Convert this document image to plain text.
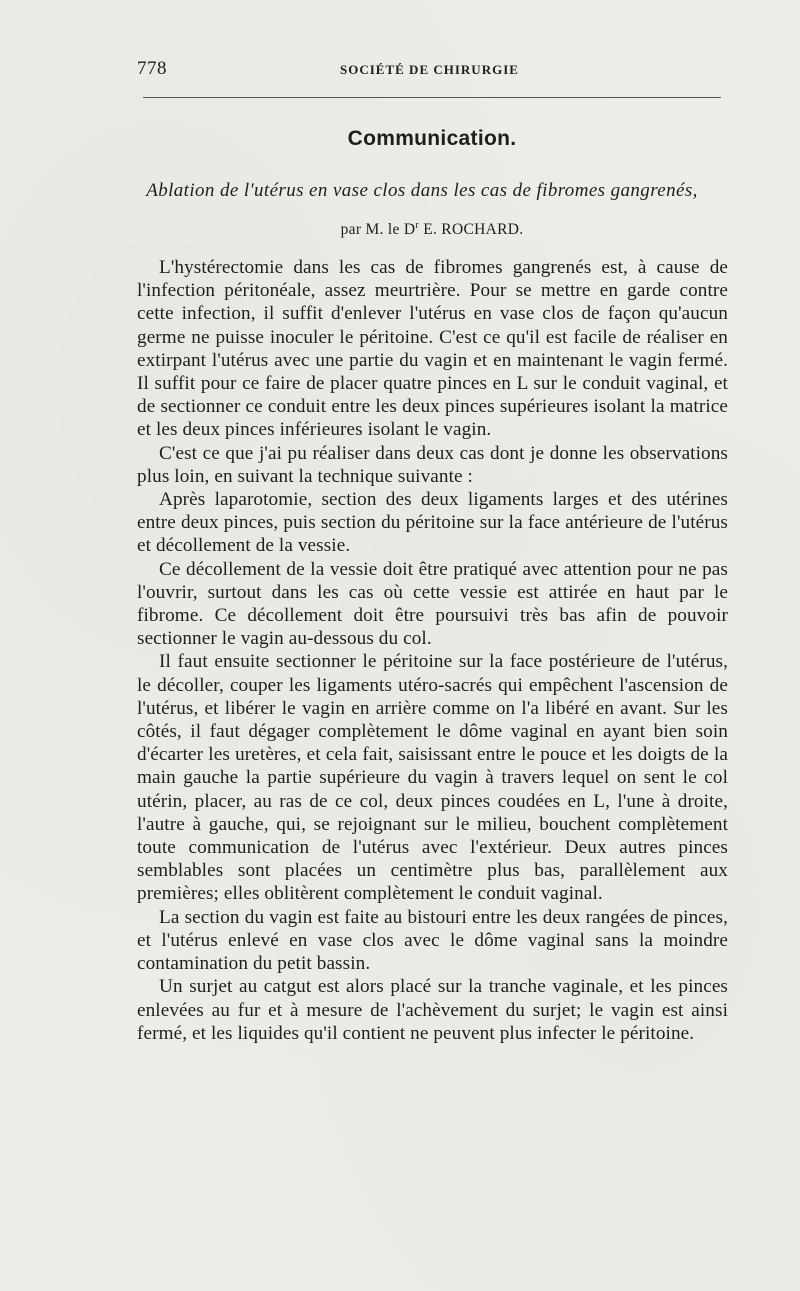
778	SOCIÉTÉ DE CHIRURGIE
Communication.
Ablation de l'utérus en vase clos dans les cas de fibromes gangrenés,
par M. le $D^r$ E. ROCHARD.

L'hystérectomie dans les cas de fibromes gangrenés est, à cause de l'infection péritonéale, assez meurtrière. Pour se mettre en garde contre cette infection, il suffit d'enlever l'utérus en vase clos de façon qu'aucun germe ne puisse inoculer le péritoine. C'est ce qu'il est facile de réaliser en extirpant l'utérus avec une partie du vagin et en maintenant le vagin fermé. Il suffit pour ce faire de placer quatre pinces en L sur le conduit vaginal, et de sectionner ce conduit entre les deux pinces supérieures isolant la matrice et les deux pinces inférieures isolant le vagin.

C'est ce que j'ai pu réaliser dans deux cas dont je donne les observations plus loin, en suivant la technique suivante :

Après laparotomie, section des deux ligaments larges et des utérines entre deux pinces, puis section du péritoine sur la face antérieure de l'utérus et décollement de la vessie.

Ce décollement de la vessie doit être pratiqué avec attention pour ne pas l'ouvrir, surtout dans les cas où cette vessie est attirée en haut par le fibrome. Ce décollement doit être poursuivi très bas afin de pouvoir sectionner le vagin au-dessous du col.

Il faut ensuite sectionner le péritoine sur la face postérieure de l'utérus, le décoller, couper les ligaments utéro-sacrés qui empêchent l'ascension de l'utérus, et libérer le vagin en arrière comme on l'a libéré en avant. Sur les côtés, il faut dégager complètement le dôme vaginal en ayant bien soin d'écarter les uretères, et cela fait, saisissant entre le pouce et les doigts de la main gauche la partie supérieure du vagin à travers lequel on sent le col utérin, placer, au ras de ce col, deux pinces coudées en L, l'une à droite, l'autre à gauche, qui, se rejoignant sur le milieu, bouchent complètement toute communication de l'utérus avec l'extérieur. Deux autres pinces semblables sont placées un centimètre plus bas, parallèlement aux premières; elles oblitèrent complètement le conduit vaginal.

La section du vagin est faite au bistouri entre les deux rangées de pinces, et l'utérus enlevé en vase clos avec le dôme vaginal sans la moindre contamination du petit bassin.

Un surjet au catgut est alors placé sur la tranche vaginale, et les pinces enlevées au fur et à mesure de l'achèvement du surjet; le vagin est ainsi fermé, et les liquides qu'il contient ne peuvent plus infecter le péritoine.
